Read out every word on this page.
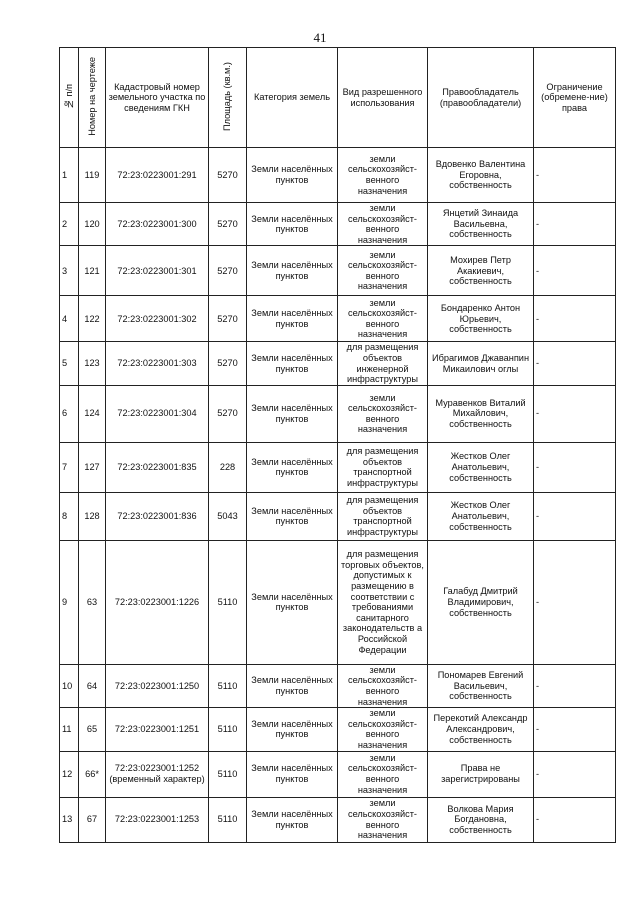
41
№ п/п	Номер на чертеже	Кадастровый номер земельного участка по сведениям ГКН	Площадь (кв.м.)	Категория земель	Вид разрешенного использования	Правообладатель (правообладатели)	Ограничение (обремене-ние) права
1	119	72:23:0223001:291	5270	Земли населённых пунктов	земли сельскохозяйст-венного назначения	Вдовенко Валентина Егоровна, собственность	-
2	120	72:23:0223001:300	5270	Земли населённых пунктов	земли сельскохозяйст-венного назначения	Янцетий Зинаида Васильевна, собственность	-
3	121	72:23:0223001:301	5270	Земли населённых пунктов	земли сельскохозяйст-венного назначения	Мохирев Петр Акакиевич, собственность	-
4	122	72:23:0223001:302	5270	Земли населённых пунктов	земли сельскохозяйст-венного назначения	Бондаренко Антон Юрьевич, собственность	-
5	123	72:23:0223001:303	5270	Земли населённых пунктов	для размещения объектов инженерной инфраструктуры	Ибрагимов Джаванпин Микаилович оглы	-
6	124	72:23:0223001:304	5270	Земли населённых пунктов	земли сельскохозяйст-венного назначения	Муравенков Виталий Михайлович, собственность	-
7	127	72:23:0223001:835	228	Земли населённых пунктов	для размещения объектов транспортной инфраструктуры	Жестков Олег Анатольевич, собственность	-
8	128	72:23:0223001:836	5043	Земли населённых пунктов	для размещения объектов транспортной инфраструктуры	Жестков Олег Анатольевич, собственность	-
9	63	72:23:0223001:1226	5110	Земли населённых пунктов	для размещения торговых объектов, допустимых к размещению в соответствии с требованиями санитарного законодательств а Российской Федерации	Галабуд Дмитрий Владимирович, собственность	-
10	64	72:23:0223001:1250	5110	Земли населённых пунктов	земли сельскохозяйст-венного назначения	Пономарев Евгений Васильевич, собственность	-
11	65	72:23:0223001:1251	5110	Земли населённых пунктов	земли сельскохозяйст-венного назначения	Перекотий Александр Александрович, собственность	-
12	66*	72:23:0223001:1252 (временный характер)	5110	Земли населённых пунктов	земли сельскохозяйст-венного назначения	Права не зарегистрированы	-
13	67	72:23:0223001:1253	5110	Земли населённых пунктов	земли сельскохозяйст-венного назначения	Волкова Мария Богдановна, собственность	-
